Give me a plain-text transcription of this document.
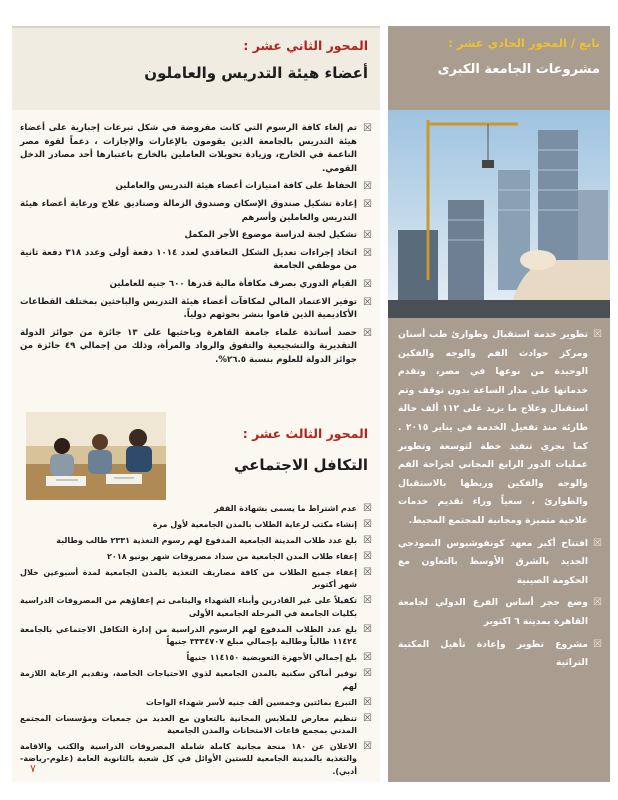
المحور الثاني عشر :
أعضاء هيئة التدريس والعاملون
☒ تم إلغاء كافة الرسوم التي كانت مفروضة في شكل تبرعات إجبارية على أعضاء هيئة التدريس بالجامعة الذين يقومون بالإعارات والإجازات ، دعماً لقوة مصر الناعمة في الخارج، وزيادة تحويلات العاملين بالخارج باعتبارها أحد مصادر الدخل القومي.
☒ الحفاظ على كافة امتيازات أعضاء هيئة التدريس والعاملين
☒ إعادة تشكيل صندوق الإسكان وصندوق الزمالة وصناديق علاج ورعاية أعضاء هيئة التدريس والعاملين وأسرهم
☒ تشكيل لجنة لدراسة موضوع الأجر المكمل
☒ اتخاذ إجراءات تعديل الشكل التعاقدي لعدد ١٠١٤ دفعة أولى وعدد ٣١٨ دفعة ثانية من موظفي الجامعة
☒ القيام الدوري بصرف مكافأة مالية قدرها ٦٠٠ جنيه للعاملين
☒ توفير الاعتماد المالي لمكافآت أعضاء هيئة التدريس والباحثين بمختلف القطاعات الأكاديمية الذين قاموا بنشر بحوثهم دولياً.
☒ حصد أساتذة علماء جامعة القاهرة وباحثيها على ١٣ جائزة من جوائز الدولة التقديرية والتشجيعية والتفوق والرواد والمرأة، وذلك من إجمالي ٤٩ جائزة من جوائز الدولة للعلوم بنسبة ٢٦.٥%.
المحور الثالث عشر :
التكافل الاجتماعي
☒ عدم اشتراط ما يسمى بشهادة الفقر
☒ إنشاء مكتب لرعاية الطلاب بالمدن الجامعية لأول مرة
☒ بلغ عدد طلاب المدينة الجامعية المدفوع لهم رسوم التغذية ٢٣٣١ طالب وطالبة
☒ إعفاء طلاب المدن الجامعية من سداد مصروفات شهر يونيو ٢٠١٨
☒ إعفاء جميع الطلاب من كافة مصاريف التغذية بالمدن الجامعية لمدة أسبوعين خلال شهر أكتوبر
☒ تكفيلاً على غير القادرين وأبناء الشهداء واليتامى تم إعفاؤهم من المصروفات الدراسية بكليات الجامعة في المرحلة الجامعية الأولى
☒ بلغ عدد الطلاب المدفوع لهم الرسوم الدراسية من إدارة التكافل الاجتماعي بالجامعة ١١٤٢٤ طالباً وطالبة بإجمالي مبلغ ٣٣٣٤٧٠٧ جنيهاً
☒ بلغ إجمالي الأجهزة التعويضية ١١٤١٥٠ جنيهاً
☒ توفير أماكن سكنية بالمدن الجامعية لذوي الاحتياجات الخاصة، وتقديم الرعاية اللازمة لهم
☒ التبرع بمائتين وخمسين ألف جنيه لأسر شهداء الواحات
☒ تنظيم معارض للملابس المجانية بالتعاون مع العديد من جمعيات ومؤسسات المجتمع المدني بمجمع قاعات الامتحانات والمدن الجامعية
☒ الاعلان عن ١٨٠ منحة مجانية كاملة شاملة المصروفات الدراسية والكتب والاقامة والتغذية بالمدينة الجامعية للستين الأوائل في كل شعبة بالثانوية العامة (علوم-رياضة- أدبي).
٧
تابع / المحور الحادي عشر :
مشروعات الجامعة الكبرى
☒ تطوير خدمة استقبال وطوارئ طب أسنان ومركز حوادث الفم والوجه والفكين الوحيدة من نوعها في مصر، وتقدم خدماتها على مدار الساعة بدون توقف وتم استقبال وعلاج ما يزيد على ١١٢ ألف حالة طارئة منذ تفعيل الخدمة في يناير ٢٠١٥ . كما يجري تنفيذ خطة لتوسعة وتطوير عمليات الدور الرابع المجاني لجراحة الفم والوجه والفكين وربطها بالاستقبال والطوارئ ، سعياً وراء تقديم خدمات علاجية متميزة ومجانية للمجتمع المحيط.
☒ افتتاح أكبر معهد كونفوشيوس النموذجي الجديد بالشرق الأوسط بالتعاون مع الحكومة الصينية
☒ وضع حجر أساس الفرع الدولي لجامعة القاهرة بمدينة ٦ اكتوبر
☒ مشروع تطوير وإعادة تأهيل المكتبة التراثية
